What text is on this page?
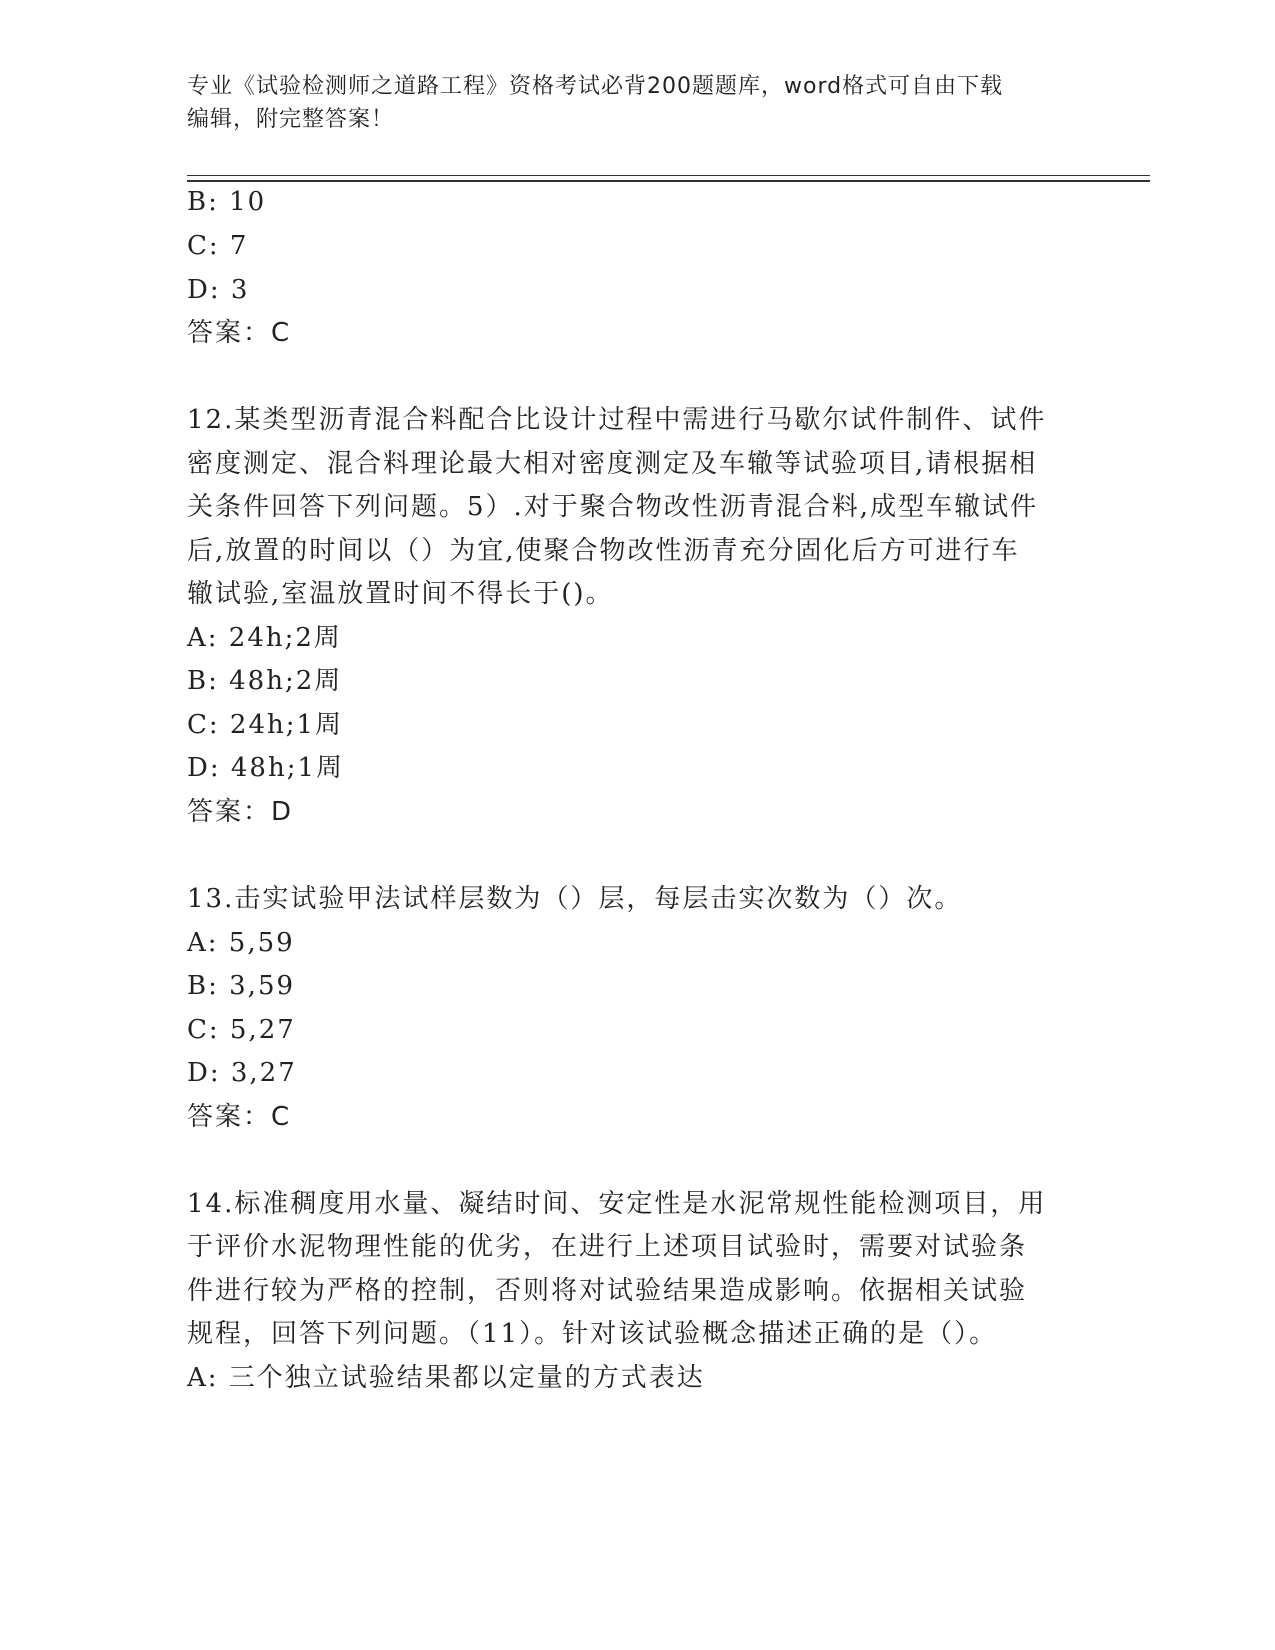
专业《试验检测师之道路工程》资格考试必背200题题库，word格式可自由下载
编辑，附完整答案！
B: 10
C: 7
D: 3
答案：C
12.某类型沥青混合料配合比设计过程中需进行马歇尔试件制件、试件
密度测定、混合料理论最大相对密度测定及车辙等试验项目,请根据相
关条件回答下列问题。5）.对于聚合物改性沥青混合料,成型车辙试件
后,放置的时间以（）为宜,使聚合物改性沥青充分固化后方可进行车
辙试验,室温放置时间不得长于()。
A: 24h;2周
B: 48h;2周
C: 24h;1周
D: 48h;1周
答案：D
13.击实试验甲法试样层数为（）层，每层击实次数为（）次。
A: 5,59
B: 3,59
C: 5,27
D: 3,27
答案：C
14.标准稠度用水量、凝结时间、安定性是水泥常规性能检测项目，用
于评价水泥物理性能的优劣，在进行上述项目试验时，需要对试验条
件进行较为严格的控制，否则将对试验结果造成影响。依据相关试验
规程，回答下列问题。（11）。针对该试验概念描述正确的是（）。
A: 三个独立试验结果都以定量的方式表达
